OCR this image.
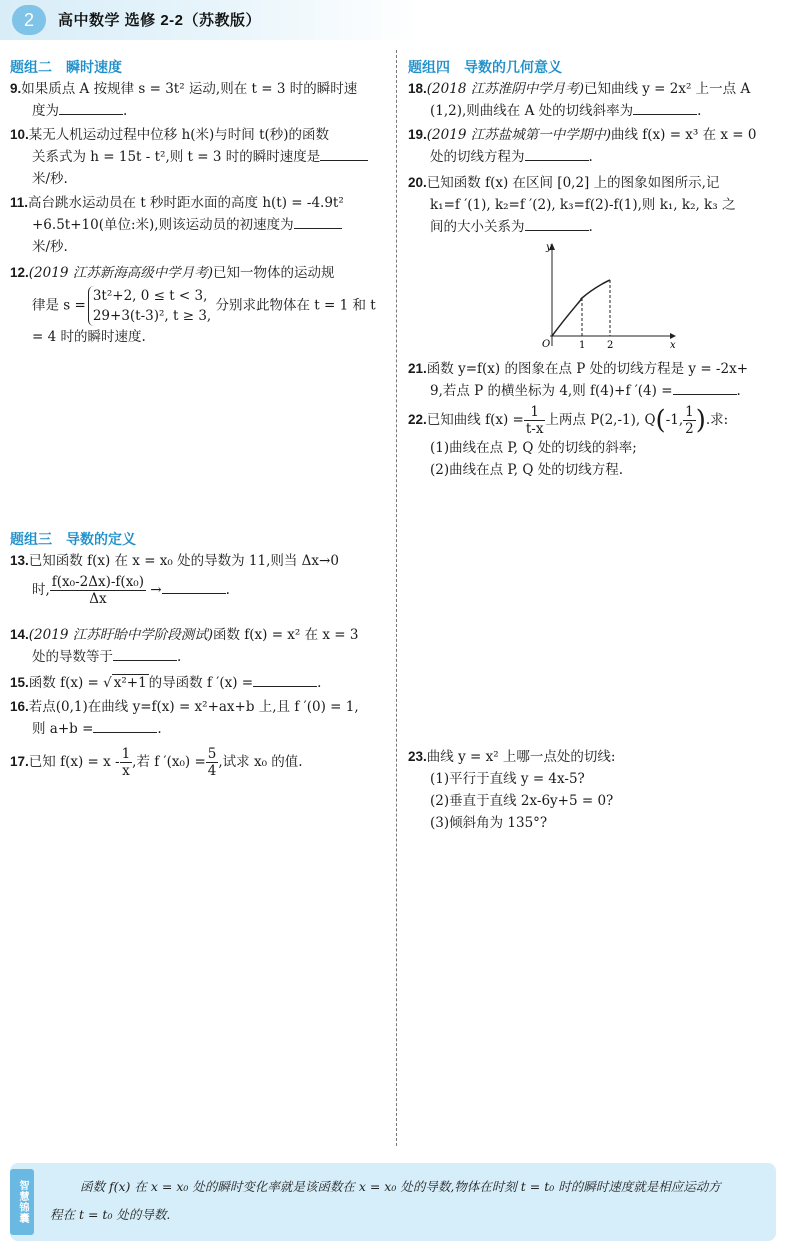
2	高中数学 选修 2-2（苏教版）
题组二　瞬时速度
9.如果质点 A 按规律 s = 3t² 运动,则在 t = 3 时的瞬时速
度为	.
10.某无人机运动过程中位移 h(米)与时间 t(秒)的函数
关系式为 h = 15t - t²,则 t = 3 时的瞬时速度是
米/秒.
11.高台跳水运动员在 t 秒时距水面的高度 h(t) = -4.9t²
+6.5t+10(单位:米),则该运动员的初速度为
米/秒.
12.(2019 江苏新海高级中学月考)已知一物体的运动规
律是 s =
3t²+2, 0 ≤ t < 3,
29+3(t-3)², t ≥ 3,
分别求此物体在 t = 1 和 t
= 4 时的瞬时速度.
题组三　导数的定义
13.已知函数 f(x) 在 x = x₀ 处的导数为 11,则当 Δx→0
时, $\frac{\text{f(x₀-2Δx)-f(x₀)}}{\Delta x}$ →	.
14.(2019 江苏盱眙中学阶段测试)函数 f(x) = x² 在 x = 3
处的导数等于	.
15.函数 f(x) = √ x²+1 的导函数 f ′(x) =	.
16.若点(0,1)在曲线 y=f(x) = x²+ax+b 上,且 f ′(0) = 1,
则 a+b =	.
17.已知 $f(x) = x - \frac{1}{x}$ ,若 f $'(x_0) = \frac{5}{4}$ ,试求 x₀ 的值.
题组四　导数的几何意义
18.(2018 江苏淮阴中学月考)已知曲线 y = 2x² 上一点 A
(1,2),则曲线在 A 处的切线斜率为	.
19.(2019 江苏盐城第一中学期中)曲线 f(x) = x³ 在 x = 0
处的切线方程为	.
20.已知函数 f(x) 在区间 [0,2] 上的图象如图所示,记
k₁=f ′(1), k₂=f ′(2), k₃=f(2)-f(1),则 k₁, k₂, k₃ 之
间的大小关系为	.
y
x
O	1 2
21.函数 y=f(x) 的图象在点 P 处的切线方程是 y = -2x+
9,若点 P 的横坐标为 4,则 f(4)+f ′(4) =	.
22.已知曲线 $f(x) = \frac{1}{t-x}$ 上两点 P(2,-1), Q(-1, $\frac{1}{2}$ ).求:
(1)曲线在点 P, Q 处的切线的斜率;
(2)曲线在点 P, Q 处的切线方程.
23.曲线 y = x² 上哪一点处的切线:
(1)平行于直线 y = 4x-5?
(2)垂直于直线 2x-6y+5 = 0?
(3)倾斜角为 135°?
智慧锦囊	函数 f(x) 在 x = x₀ 处的瞬时变化率就是该函数在 x = x₀ 处的导数,物体在时刻 t = t₀ 时的瞬时速度就是相应运动方
程在 t = t₀ 处的导数.
